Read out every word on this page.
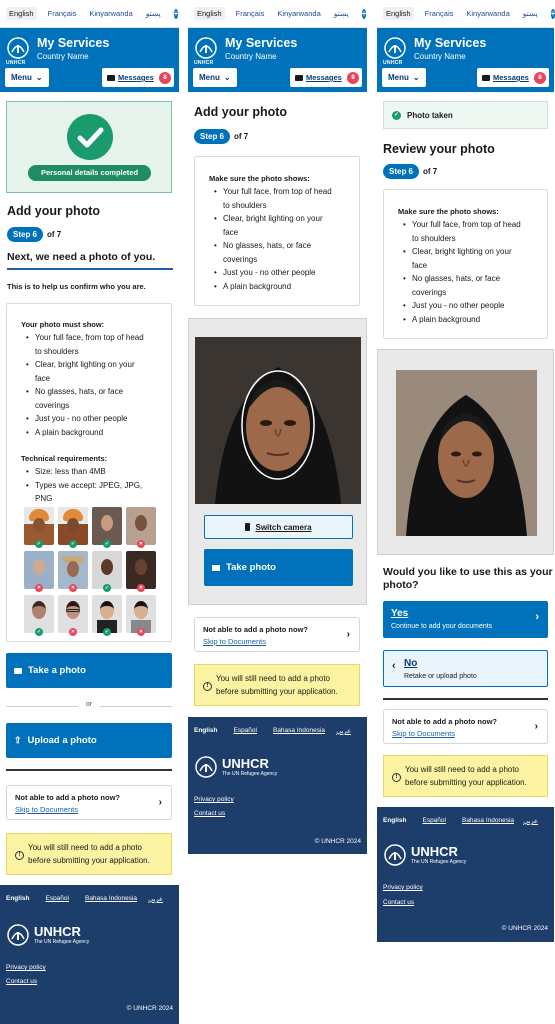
English	Français Kinyarwanda پښتو +
UNHCR
My Services
Country Name
Menu ⌄	Messages	8
Personal details completed
Add your photo
Step 6	of 7
Next, we need a photo of you.
This is to help us confirm who you are.
Your photo must show:
• Your full face, from top of head
to shoulders
• Clear, bright lighting on your
face
• No glasses, hats, or face
coverings
• Just you - no other people
• A plain background
Technical requirements:
• Size: less than 4MB
• Types we accept: JPEG, JPG,
PNG
✓	✓	✓	✕
✕	✕	✓	✕
✓	✕	✓	✕
Take a photo
or
⇧ Upload a photo
Not able to add a photo now?
Skip to Documents
›
!
You will still need to add a photo
before submitting your application.
English Español Bahasa Indonesia عربي
UNHCR
The UN Refugee Agency
Privacy policy
Contact us
© UNHCR 2024
English	Français Kinyarwanda پښتو +
UNHCR
My Services
Country Name
Menu ⌄	Messages	8
Add your photo
Step 6	of 7
Make sure the photo shows:
• Your full face, from top of head
to shoulders
• Clear, bright lighting on your
face
• No glasses, hats, or face
coverings
• Just you - no other people
• A plain background
Switch camera
Take photo
Not able to add a photo now?
Skip to Documents
›
!
You will still need to add a photo
before submitting your application.
English Español Bahasa Indonesia عربي
UNHCR
The UN Refugee Agency
Privacy policy
Contact us
© UNHCR 2024
English	Français Kinyarwanda پښتو +
UNHCR
My Services
Country Name
Menu ⌄	Messages	8
✓ Photo taken
Review your photo
Step 6	of 7
Make sure the photo shows:
• Your full face, from top of head
to shoulders
• Clear, bright lighting on your
face
• No glasses, hats, or face
coverings
• Just you - no other people
• A plain background
Would you like to use this as your
photo?
Yes
Continue to add your documents
›
‹ No
Retake or upload photo
Not able to add a photo now?
Skip to Documents
›
!
You will still need to add a photo
before submitting your application.
English Español Bahasa Indonesia عربي
UNHCR
The UN Refugee Agency
Privacy policy
Contact us
© UNHCR 2024
